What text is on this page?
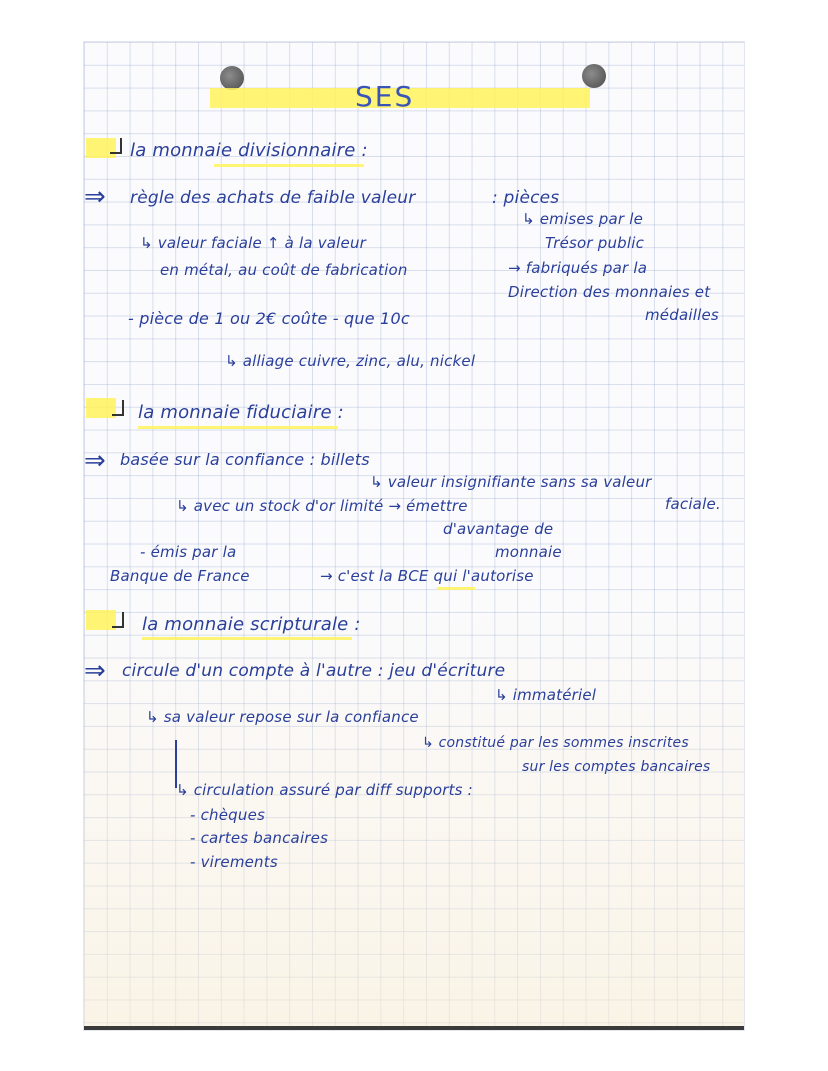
SES
la monnaie divisionnaire :
⇒ règle des achats de faible valeur	: pièces
↳ emises par le
Trésor public
→ fabriqués par la
Direction des monnaies et
médailles
↳ valeur faciale ↑ à la valeur
en métal, au coût de fabrication
- pièce de 1 ou 2€ coûte - que 10c
↳ alliage cuivre, zinc, alu, nickel
la monnaie fiduciaire :
⇒ basée sur la confiance : billets
↳ valeur insignifiante sans sa valeur
faciale.
↳ avec un stock d'or limité → émettre
d'avantage de
monnaie
- émis par la
Banque de France	→ c'est la BCE qui l'autorise
la monnaie scripturale :
⇒ circule d'un compte à l'autre : jeu d'écriture
↳ immatériel
↳ sa valeur repose sur la confiance
↳ constitué par les sommes inscrites
sur les comptes bancaires
↳ circulation assuré par diff supports :
- chèques
- cartes bancaires
- virements
